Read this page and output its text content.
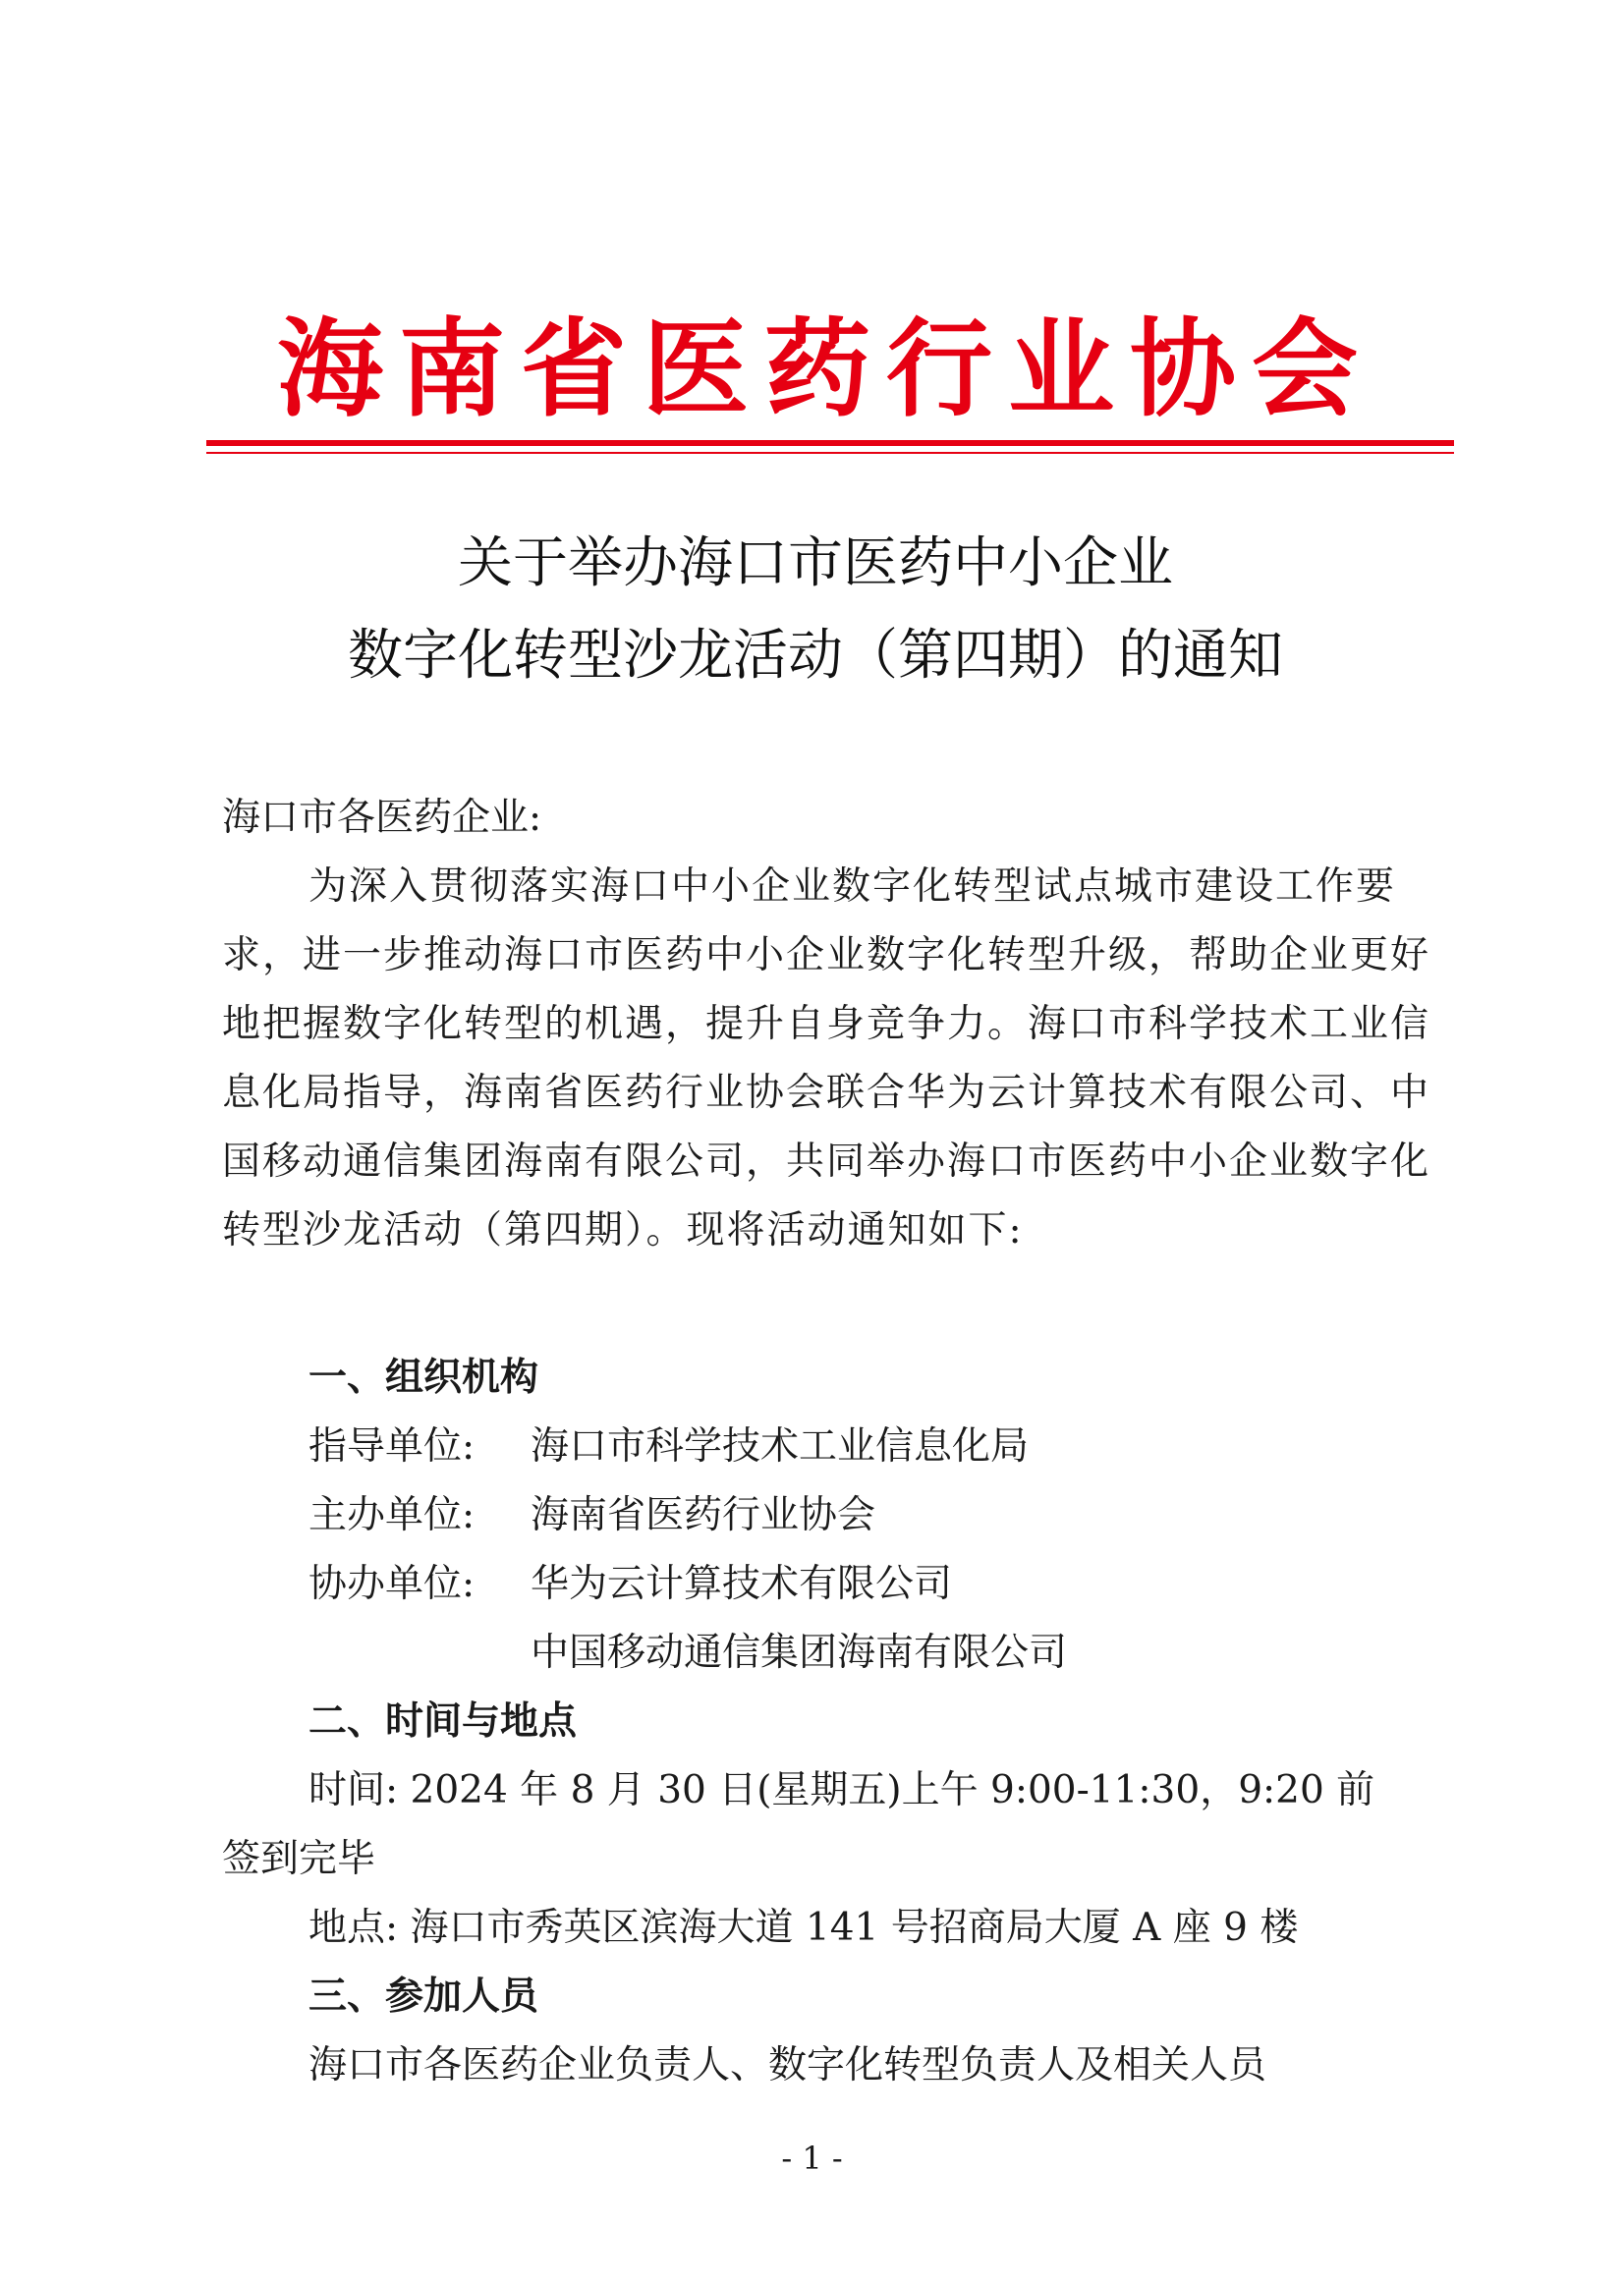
海南省医药行业协会
关于举办海口市医药中小企业
数字化转型沙龙活动（第四期）的通知
海口市各医药企业:
为深入贯彻落实海口中小企业数字化转型试点城市建设工作要求，进一步推动海口市医药中小企业数字化转型升级，帮助企业更好地把握数字化转型的机遇，提升自身竞争力。海口市科学技术工业信息化局指导，海南省医药行业协会联合华为云计算技术有限公司、中国移动通信集团海南有限公司，共同举办海口市医药中小企业数字化转型沙龙活动（第四期）。现将活动通知如下:
一、组织机构
指导单位: 海口市科学技术工业信息化局
主办单位: 海南省医药行业协会
协办单位: 华为云计算技术有限公司
中国移动通信集团海南有限公司
二、时间与地点
时间: 2024 年 8 月 30 日(星期五)上午 9:00-11:30，9:20 前
签到完毕
地点: 海口市秀英区滨海大道 141 号招商局大厦 A 座 9 楼
三、参加人员
海口市各医药企业负责人、数字化转型负责人及相关人员
- 1 -
